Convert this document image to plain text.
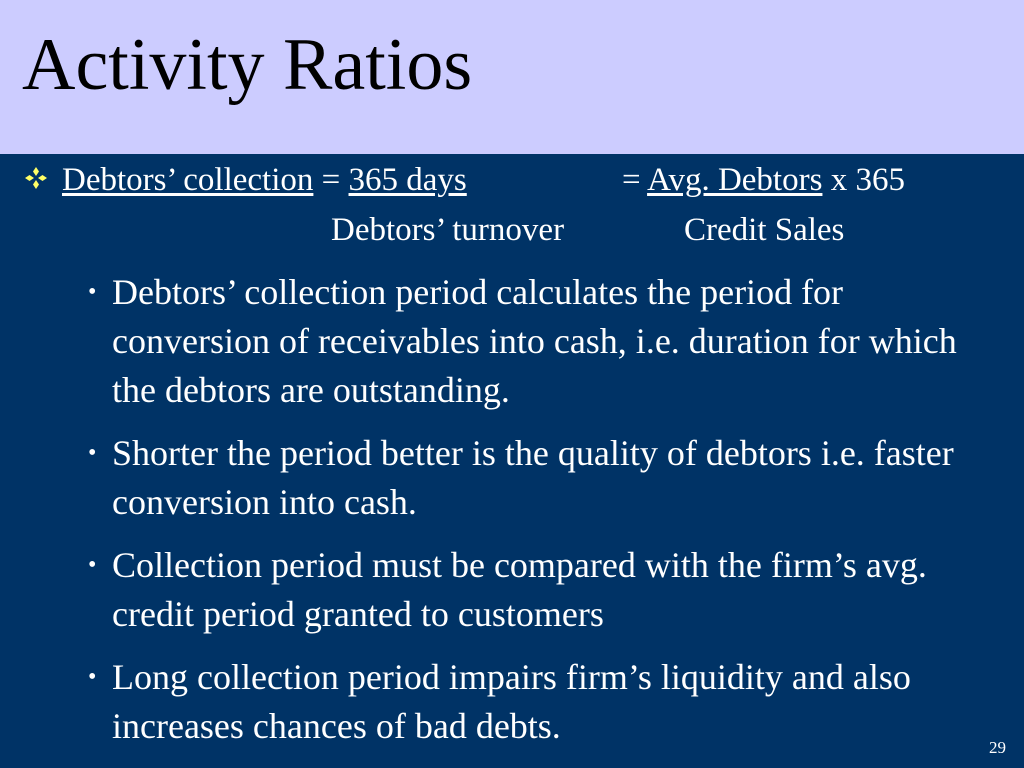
Activity Ratios
Debtors’ collection = 365 days	= Avg. Debtors x 365
Debtors’ turnover	Credit Sales
• Debtors’ collection period calculates the period for conversion of receivables into cash, i.e. duration for which the debtors are outstanding.
• Shorter the period better is the quality of debtors i.e. faster conversion into cash.
• Collection period must be compared with the firm’s avg. credit period granted to customers
• Long collection period impairs firm’s liquidity and also increases chances of bad debts.
29
